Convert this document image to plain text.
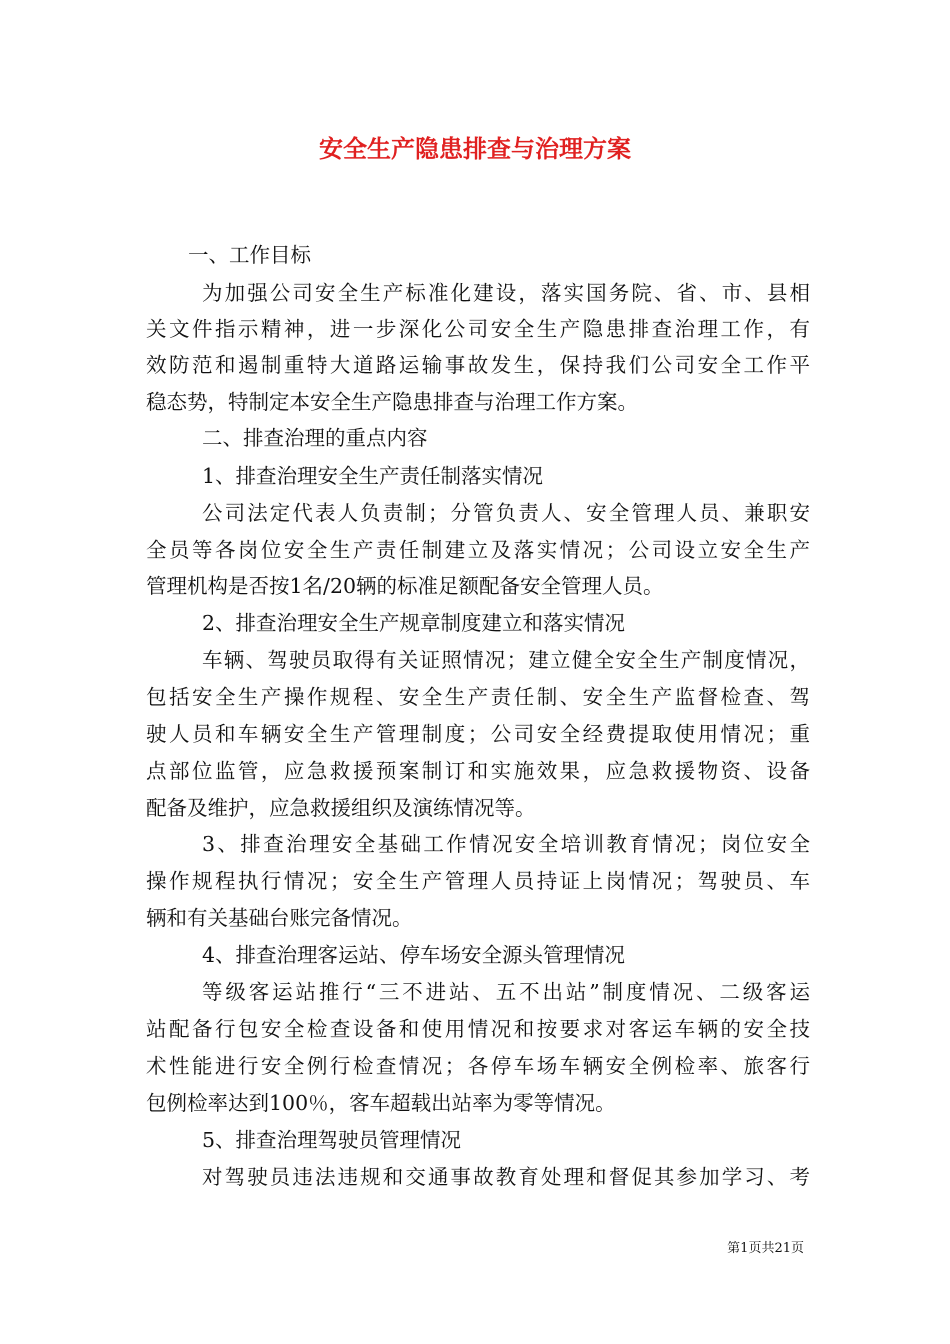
安全生产隐患排查与治理方案

一、工作目标

为加强公司安全生产标准化建设，落实国务院、省、市、县相

关文件指示精神，进一步深化公司安全生产隐患排查治理工作，有

效防范和遏制重特大道路运输事故发生，保持我们公司安全工作平

稳态势，特制定本安全生产隐患排查与治理工作方案。

二、排查治理的重点内容

1、排查治理安全生产责任制落实情况

公司法定代表人负责制；分管负责人、安全管理人员、兼职安

全员等各岗位安全生产责任制建立及落实情况；公司设立安全生产

管理机构是否按1名/20辆的标准足额配备安全管理人员。

2、排查治理安全生产规章制度建立和落实情况

车辆、驾驶员取得有关证照情况；建立健全安全生产制度情况，

包括安全生产操作规程、安全生产责任制、安全生产监督检查、驾

驶人员和车辆安全生产管理制度；公司安全经费提取使用情况；重

点部位监管，应急救援预案制订和实施效果，应急救援物资、设备

配备及维护，应急救援组织及演练情况等。

3、排查治理安全基础工作情况安全培训教育情况；岗位安全

操作规程执行情况；安全生产管理人员持证上岗情况；驾驶员、车

辆和有关基础台账完备情况。

4、排查治理客运站、停车场安全源头管理情况

等级客运站推行“三不进站、五不出站”制度情况、二级客运

站配备行包安全检查设备和使用情况和按要求对客运车辆的安全技

术性能进行安全例行检查情况；各停车场车辆安全例检率、旅客行

包例检率达到100％，客车超载出站率为零等情况。

5、排查治理驾驶员管理情况

对驾驶员违法违规和交通事故教育处理和督促其参加学习、考

第1页共21页
